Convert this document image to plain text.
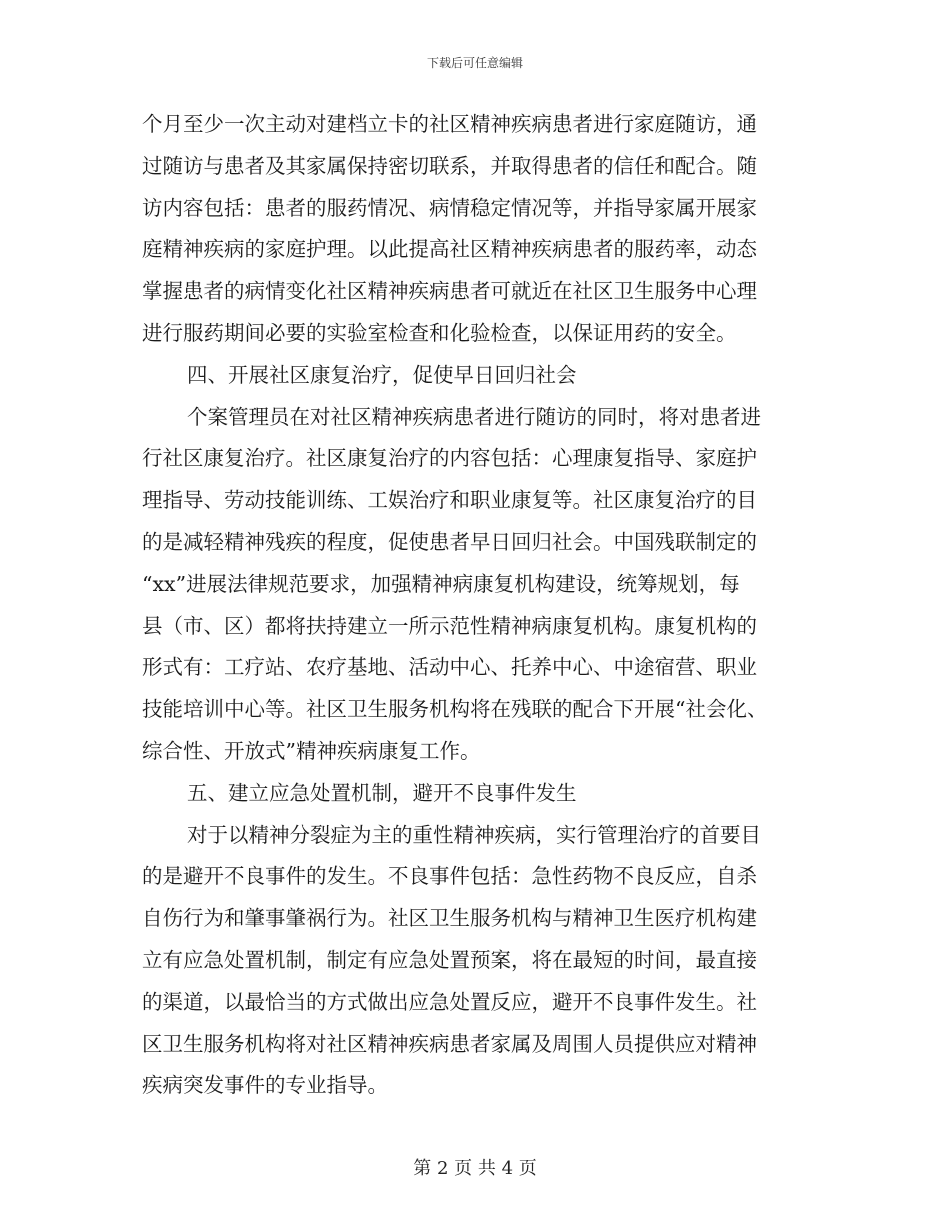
下载后可任意编辑
个月至少一次主动对建档立卡的社区精神疾病患者进行家庭随访，通
过随访与患者及其家属保持密切联系，并取得患者的信任和配合。随
访内容包括：患者的服药情况、病情稳定情况等，并指导家属开展家
庭精神疾病的家庭护理。以此提高社区精神疾病患者的服药率，动态
掌握患者的病情变化社区精神疾病患者可就近在社区卫生服务中心理
进行服药期间必要的实验室检查和化验检查，以保证用药的安全。
四、开展社区康复治疗，促使早日回归社会
个案管理员在对社区精神疾病患者进行随访的同时，将对患者进
行社区康复治疗。社区康复治疗的内容包括：心理康复指导、家庭护
理指导、劳动技能训练、工娱治疗和职业康复等。社区康复治疗的目
的是减轻精神残疾的程度，促使患者早日回归社会。中国残联制定的
“xx”进展法律规范要求，加强精神病康复机构建设，统筹规划，每
县（市、区）都将扶持建立一所示范性精神病康复机构。康复机构的
形式有：工疗站、农疗基地、活动中心、托养中心、中途宿营、职业
技能培训中心等。社区卫生服务机构将在残联的配合下开展“社会化、
综合性、开放式”精神疾病康复工作。
五、建立应急处置机制，避开不良事件发生
对于以精神分裂症为主的重性精神疾病，实行管理治疗的首要目
的是避开不良事件的发生。不良事件包括：急性药物不良反应，自杀
自伤行为和肇事肇祸行为。社区卫生服务机构与精神卫生医疗机构建
立有应急处置机制，制定有应急处置预案，将在最短的时间，最直接
的渠道，以最恰当的方式做出应急处置反应，避开不良事件发生。社
区卫生服务机构将对社区精神疾病患者家属及周围人员提供应对精神
疾病突发事件的专业指导。
第 2 页 共 4 页
